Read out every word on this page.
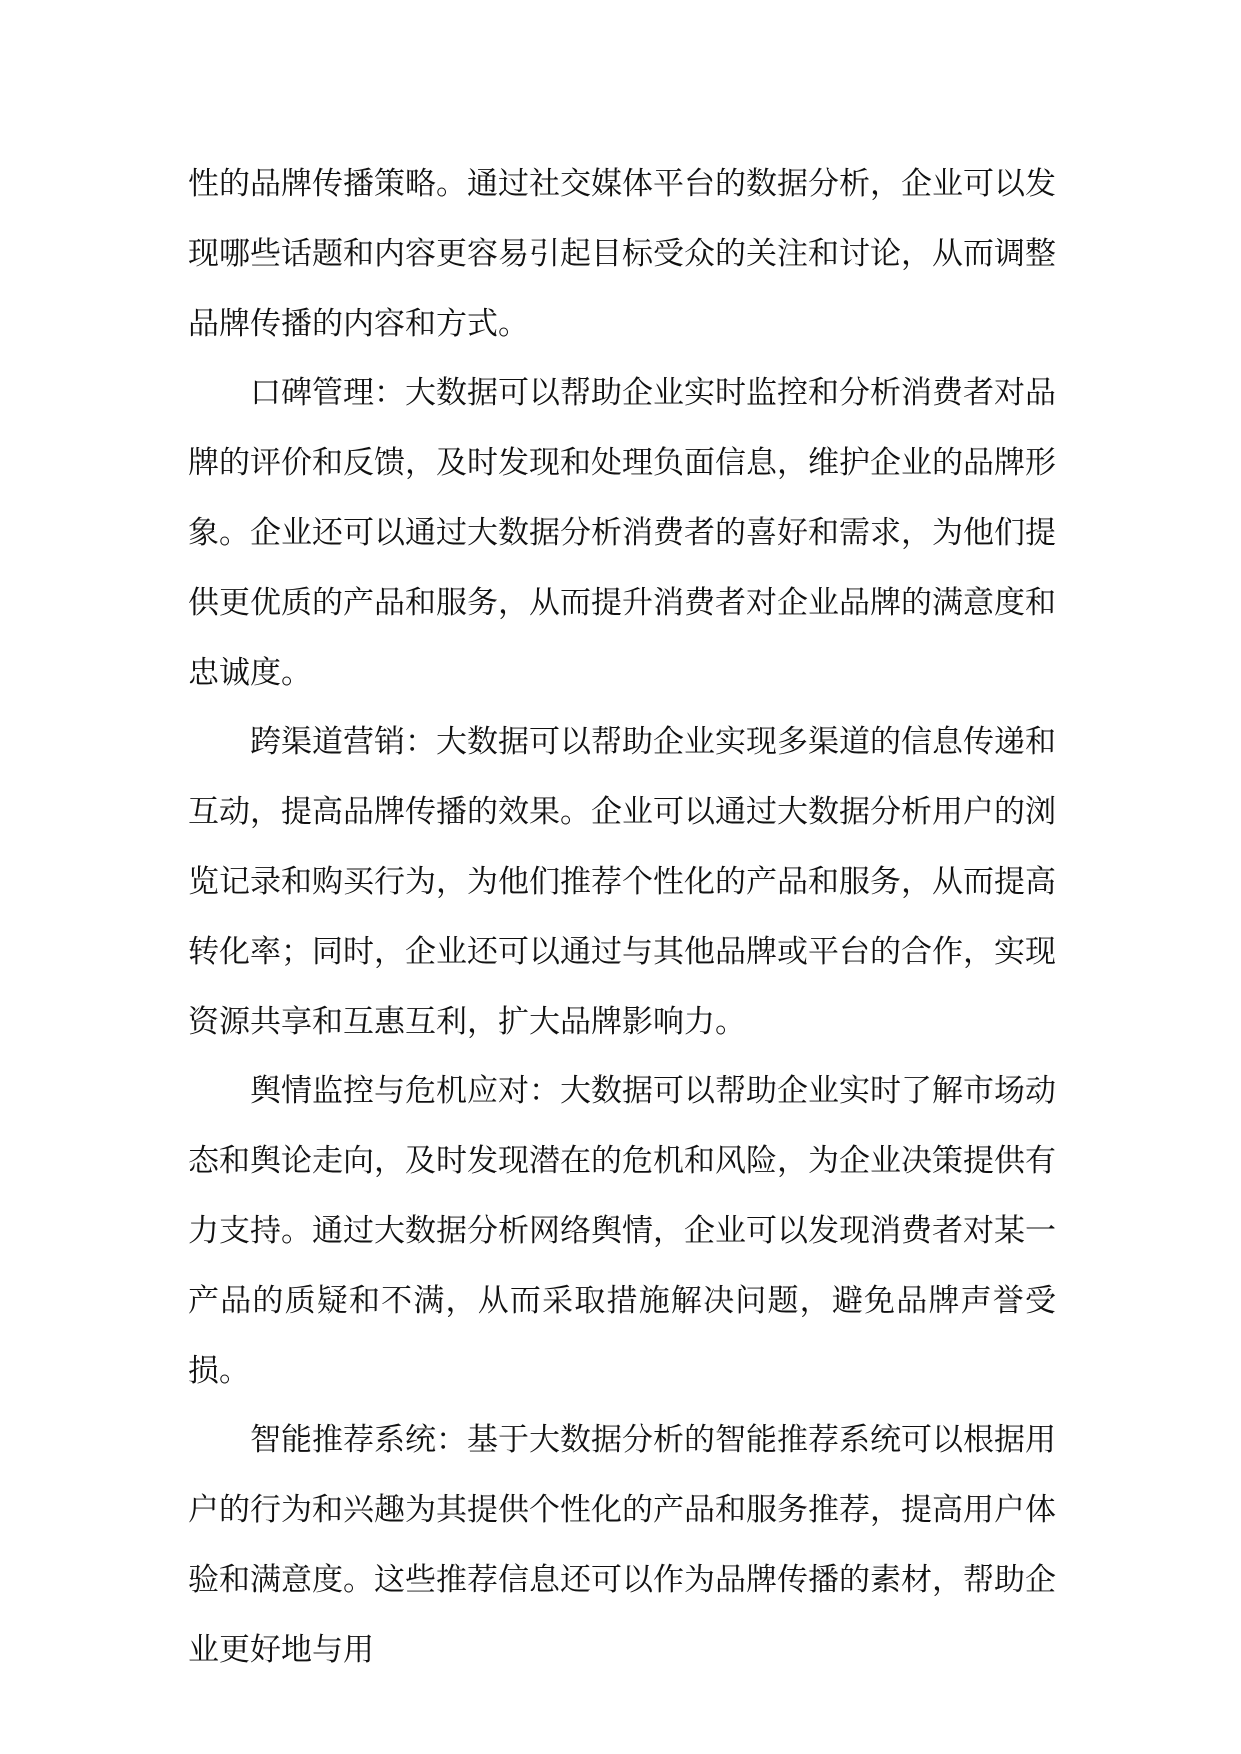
性的品牌传播策略。通过社交媒体平台的数据分析，企业可以发现哪些话题和内容更容易引起目标受众的关注和讨论，从而调整品牌传播的内容和方式。

口碑管理：大数据可以帮助企业实时监控和分析消费者对品牌的评价和反馈，及时发现和处理负面信息，维护企业的品牌形象。企业还可以通过大数据分析消费者的喜好和需求，为他们提供更优质的产品和服务，从而提升消费者对企业品牌的满意度和忠诚度。

跨渠道营销：大数据可以帮助企业实现多渠道的信息传递和互动，提高品牌传播的效果。企业可以通过大数据分析用户的浏览记录和购买行为，为他们推荐个性化的产品和服务，从而提高转化率；同时，企业还可以通过与其他品牌或平台的合作，实现资源共享和互惠互利，扩大品牌影响力。

舆情监控与危机应对：大数据可以帮助企业实时了解市场动态和舆论走向，及时发现潜在的危机和风险，为企业决策提供有力支持。通过大数据分析网络舆情，企业可以发现消费者对某一产品的质疑和不满，从而采取措施解决问题，避免品牌声誉受损。

智能推荐系统：基于大数据分析的智能推荐系统可以根据用户的行为和兴趣为其提供个性化的产品和服务推荐，提高用户体验和满意度。这些推荐信息还可以作为品牌传播的素材，帮助企业更好地与用
